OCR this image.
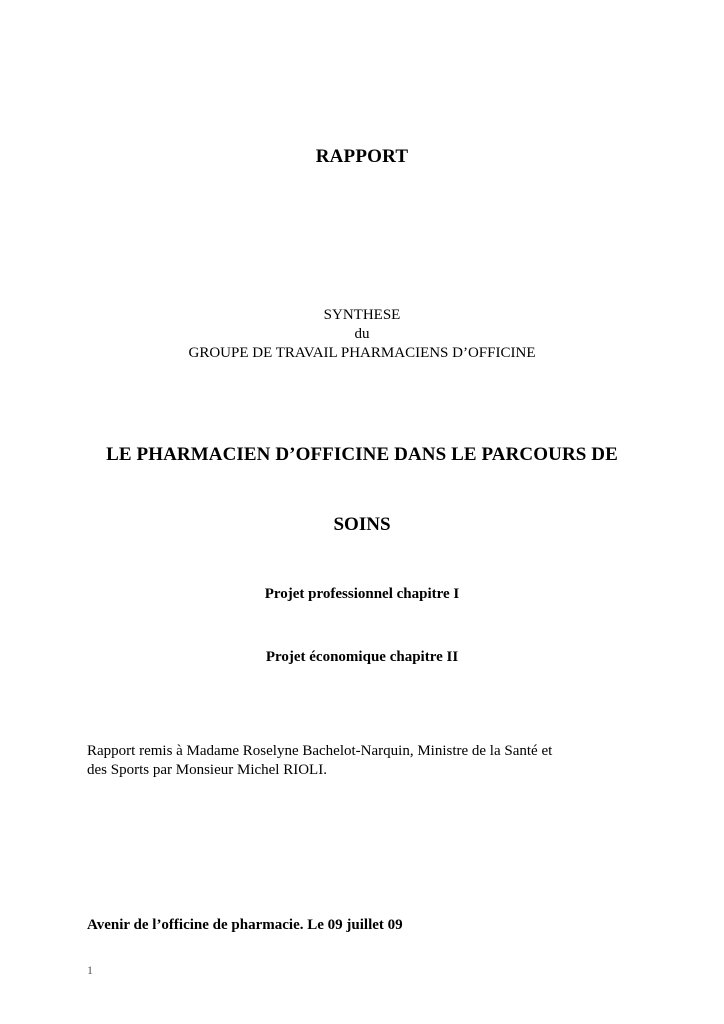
RAPPORT
SYNTHESE
du
GROUPE DE TRAVAIL PHARMACIENS D’OFFICINE
LE PHARMACIEN D’OFFICINE DANS LE PARCOURS DE
SOINS
Projet professionnel chapitre I
Projet économique chapitre II
Rapport remis à Madame Roselyne Bachelot-Narquin, Ministre de la Santé et
des Sports par Monsieur Michel RIOLI.
Avenir de l’officine de pharmacie. Le 09 juillet 09
1
